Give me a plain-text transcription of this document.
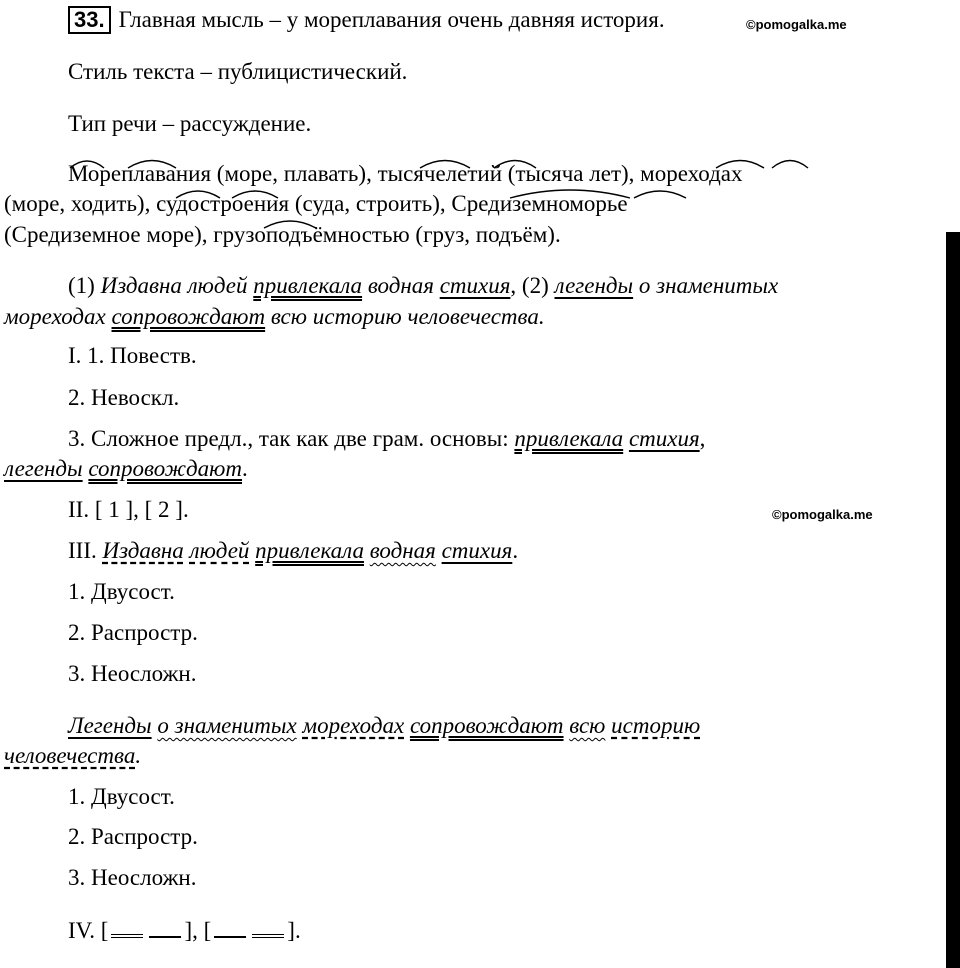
33. Главная мысль – у мореплавания очень давняя история.	©pomogalka.me
Стиль текста – публицистический.
Тип речи – рассуждение.
Мореплавания (море, плавать), тысячелетий (тысяча лет), мореходах
(море, ходить), судостроения (суда, строить), Средиземноморье
(Средиземное море), грузоподъёмностью (груз, подъём).
(1) Издавна людей привлекала водная стихия, (2) легенды о знаменитых
мореходах сопровождают всю историю человечества.
I. 1. Повеств.
2. Невоскл.
3. Сложное предл., так как две грам. основы: привлекала стихия,
легенды сопровождают.
II. [ 1 ], [ 2 ].	©pomogalka.me
III. Издавна людей привлекала водная стихия.
1. Двусост.
2. Распростр.
3. Неосложн.
Легенды о знаменитых мореходах сопровождают всю историю
человечества.
1. Двусост.
2. Распростр.
3. Неосложн.
IV. [	], [	].
